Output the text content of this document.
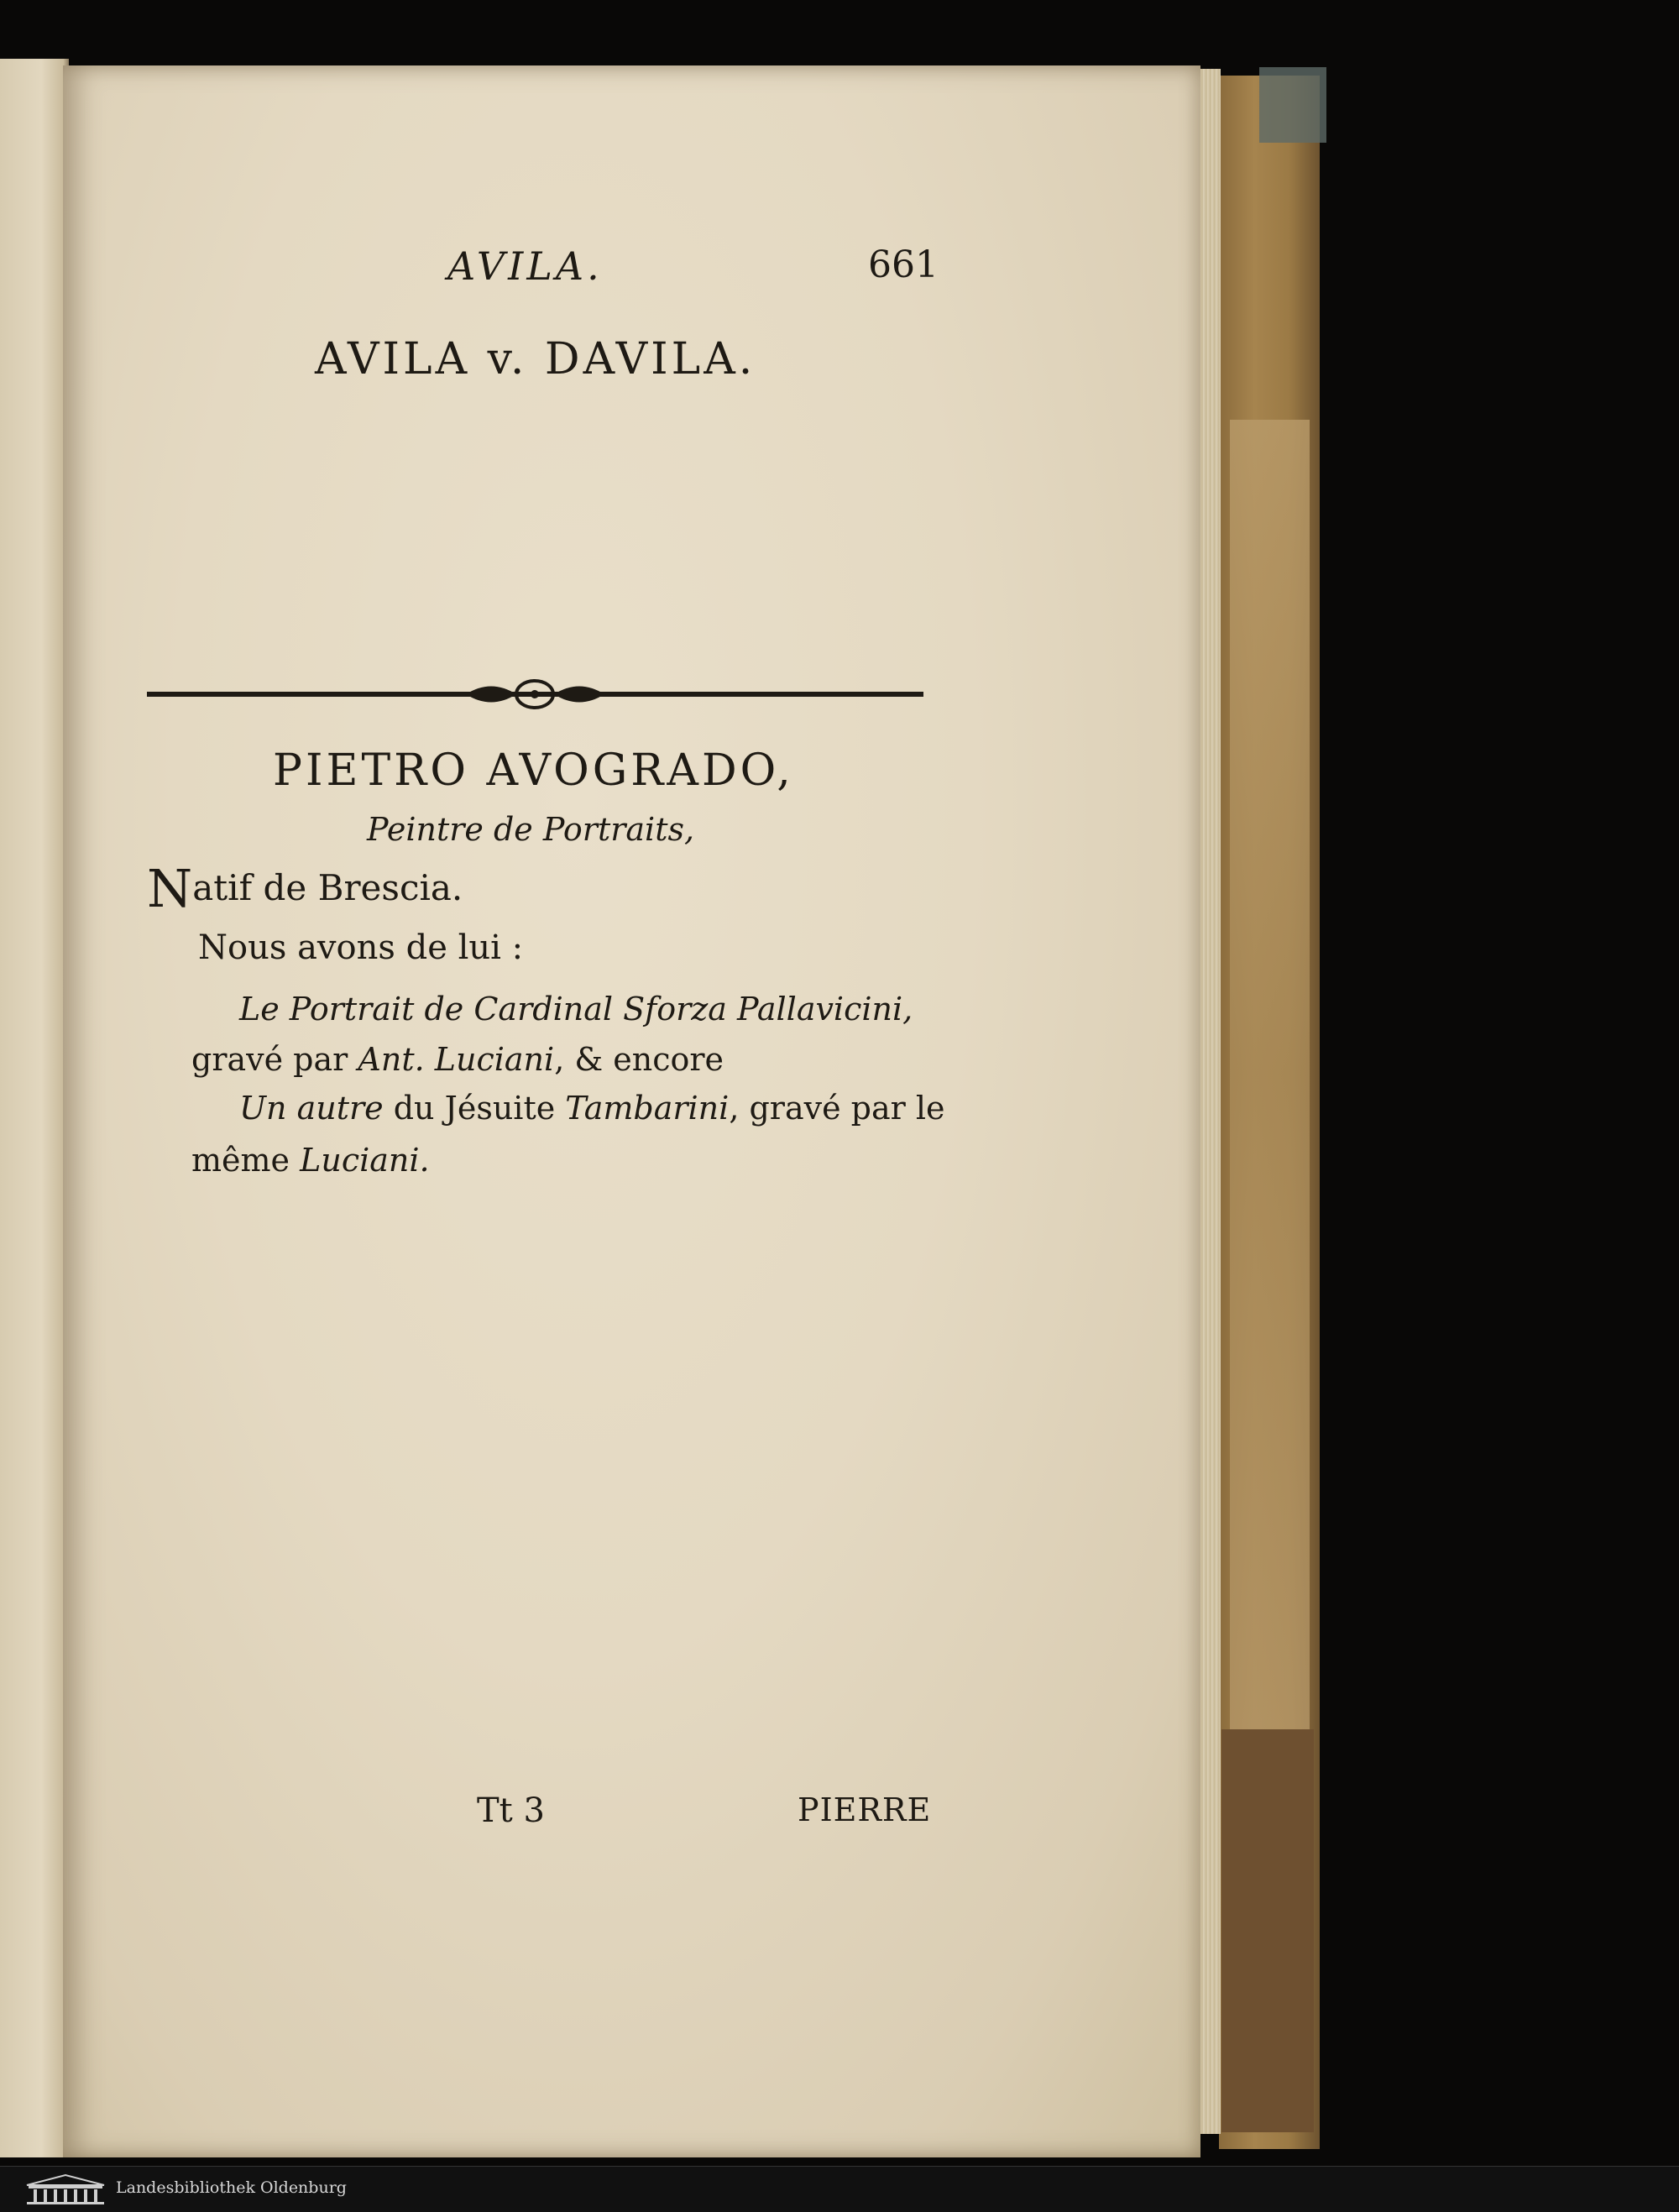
AVILA.	661
AVILA v. DAVILA.
PIETRO AVOGRADO,
Peintre de Portraits,
Natif de Brescia.
Nous avons de lui :
Le Portrait de Cardinal Sforza Pallavicini,
gravé par Ant. Luciani, & encore
Un autre du Jésuite Tambarini, gravé par le
même Luciani.
Tt 3	PIERRE
Landesbibliothek Oldenburg
